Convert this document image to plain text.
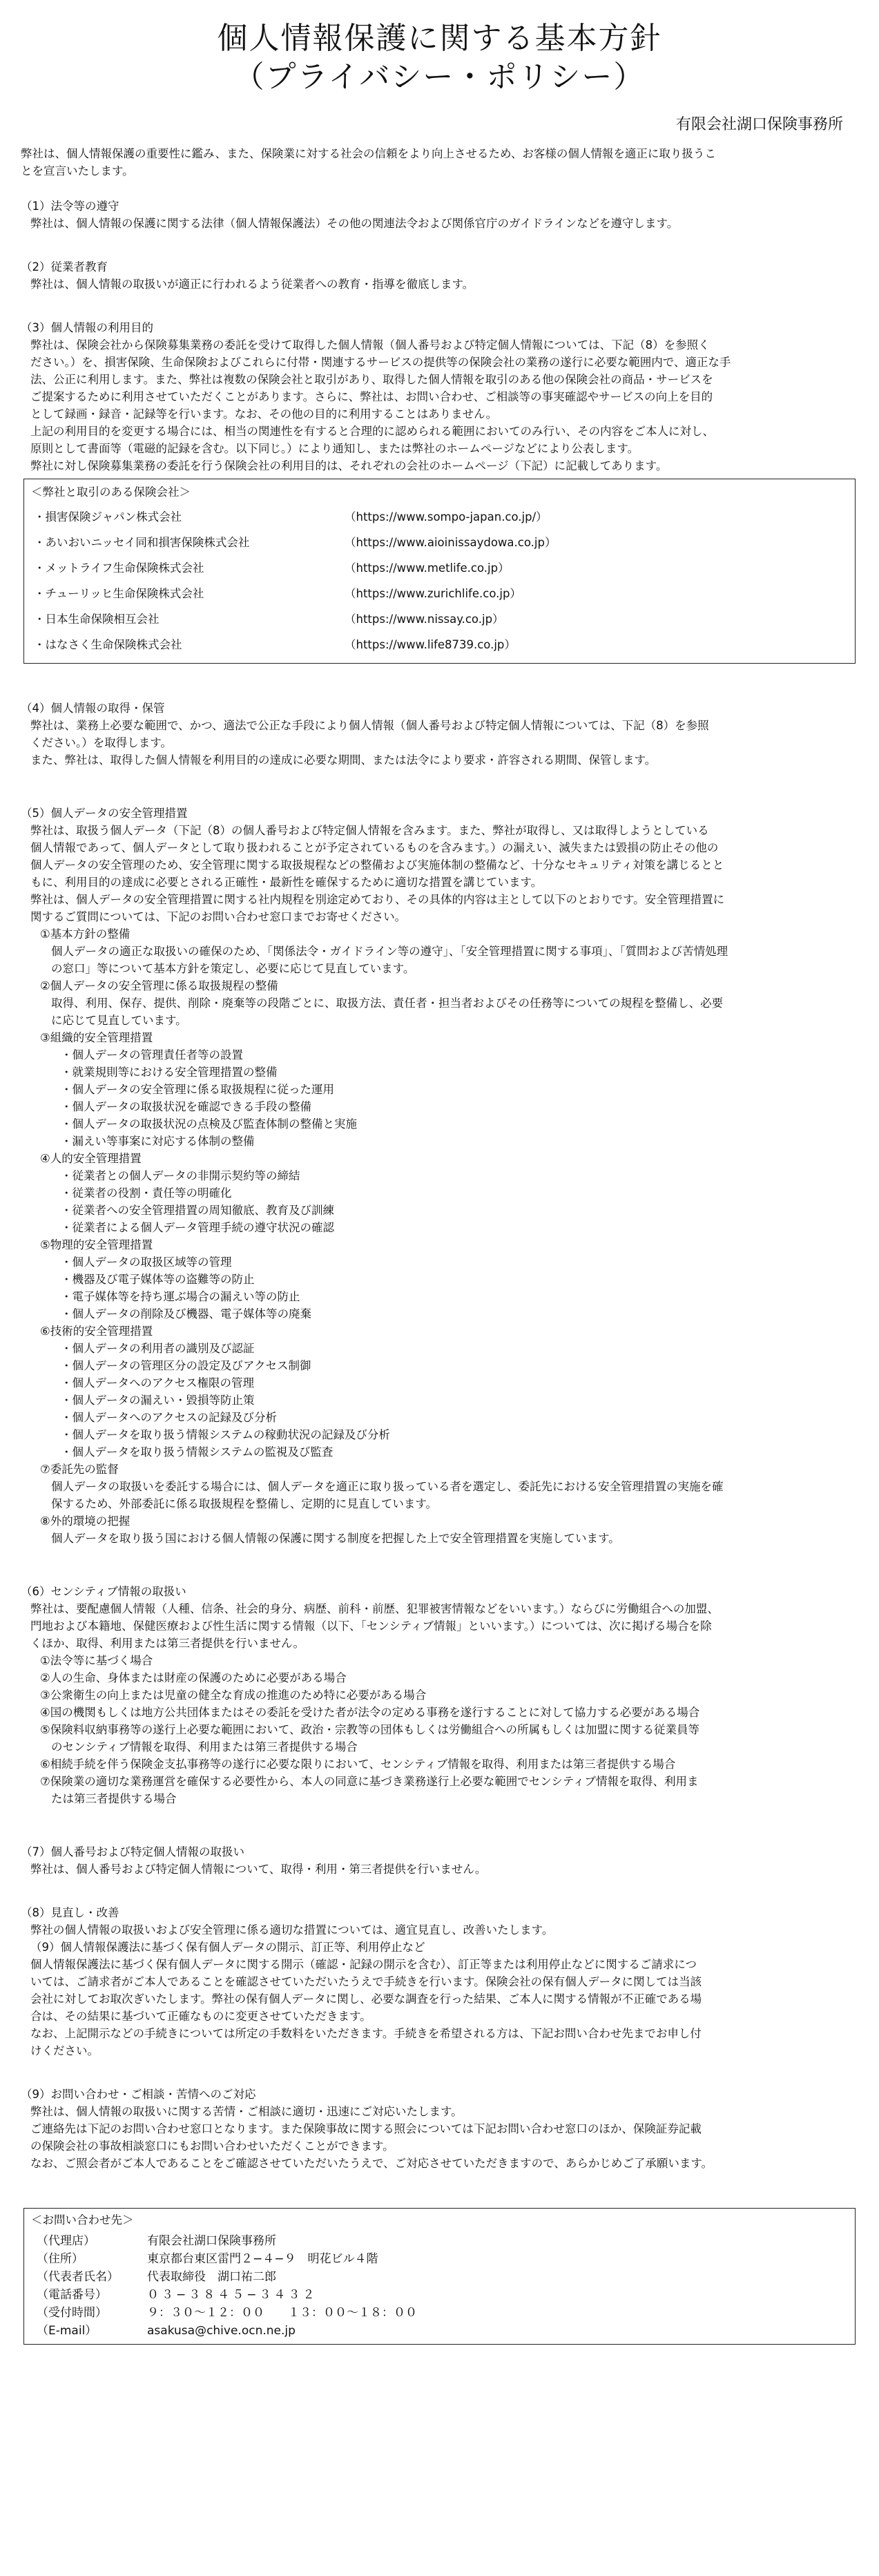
個人情報保護に関する基本方針
（プライバシー・ポリシー）
有限会社湖口保険事務所

弊社は、個人情報保護の重要性に鑑み、また、保険業に対する社会の信頼をより向上させるため、お客様の個人情報を適正に取り扱うこ

とを宣言いたします。

（1）法令等の遵守

弊社は、個人情報の保護に関する法律（個人情報保護法）その他の関連法令および関係官庁のガイドラインなどを遵守します。

（2）従業者教育

弊社は、個人情報の取扱いが適正に行われるよう従業者への教育・指導を徹底します。

（3）個人情報の利用目的

弊社は、保険会社から保険募集業務の委託を受けて取得した個人情報（個人番号および特定個人情報については、下記（8）を参照く

ださい。）を、損害保険、生命保険およびこれらに付帯・関連するサービスの提供等の保険会社の業務の遂行に必要な範囲内で、適正な手

法、公正に利用します。また、弊社は複数の保険会社と取引があり、取得した個人情報を取引のある他の保険会社の商品・サービスを

ご提案するために利用させていただくことがあります。さらに、弊社は、お問い合わせ、ご相談等の事実確認やサービスの向上を目的

として録画・録音・記録等を行います。なお、その他の目的に利用することはありません。

上記の利用目的を変更する場合には、相当の関連性を有すると合理的に認められる範囲においてのみ行い、その内容をご本人に対し、

原則として書面等（電磁的記録を含む。以下同じ。）により通知し、または弊社のホームページなどにより公表します。

弊社に対し保険募集業務の委託を行う保険会社の利用目的は、それぞれの会社のホームページ（下記）に記載してあります。

＜弊社と取引のある保険会社＞

・損害保険ジャパン株式会社	（https://www.sompo-japan.co.jp/）
・あいおいニッセイ同和損害保険株式会社	（https://www.aioinissaydowa.co.jp）
・メットライフ生命保険株式会社	（https://www.metlife.co.jp）
・チューリッヒ生命保険株式会社	（https://www.zurichlife.co.jp）
・日本生命保険相互会社	（https://www.nissay.co.jp）
・はなさく生命保険株式会社	（https://www.life8739.co.jp）

（4）個人情報の取得・保管

弊社は、業務上必要な範囲で、かつ、適法で公正な手段により個人情報（個人番号および特定個人情報については、下記（8）を参照

ください。）を取得します。

また、弊社は、取得した個人情報を利用目的の達成に必要な期間、または法令により要求・許容される期間、保管します。

（5）個人データの安全管理措置

弊社は、取扱う個人データ（下記（8）の個人番号および特定個人情報を含みます。また、弊社が取得し、又は取得しようとしている

個人情報であって、個人データとして取り扱われることが予定されているものを含みます。）の漏えい、滅失または毀損の防止その他の

個人データの安全管理のため、安全管理に関する取扱規程などの整備および実施体制の整備など、十分なセキュリティ対策を講じるとと

もに、利用目的の達成に必要とされる正確性・最新性を確保するために適切な措置を講じています。

弊社は、個人データの安全管理措置に関する社内規程を別途定めており、その具体的内容は主として以下のとおりです。安全管理措置に

関するご質問については、下記のお問い合わせ窓口までお寄せください。

①基本方針の整備

個人データの適正な取扱いの確保のため、「関係法令・ガイドライン等の遵守」、「安全管理措置に関する事項」、「質問および苦情処理

の窓口」等について基本方針を策定し、必要に応じて見直しています。

②個人データの安全管理に係る取扱規程の整備

取得、利用、保存、提供、削除・廃棄等の段階ごとに、取扱方法、責任者・担当者およびその任務等についての規程を整備し、必要

に応じて見直しています。

③組織的安全管理措置

・個人データの管理責任者等の設置

・就業規則等における安全管理措置の整備

・個人データの安全管理に係る取扱規程に従った運用

・個人データの取扱状況を確認できる手段の整備

・個人データの取扱状況の点検及び監査体制の整備と実施

・漏えい等事案に対応する体制の整備

④人的安全管理措置

・従業者との個人データの非開示契約等の締結

・従業者の役割・責任等の明確化

・従業者への安全管理措置の周知徹底、教育及び訓練

・従業者による個人データ管理手続の遵守状況の確認

⑤物理的安全管理措置

・個人データの取扱区域等の管理

・機器及び電子媒体等の盗難等の防止

・電子媒体等を持ち運ぶ場合の漏えい等の防止

・個人データの削除及び機器、電子媒体等の廃棄

⑥技術的安全管理措置

・個人データの利用者の識別及び認証

・個人データの管理区分の設定及びアクセス制御

・個人データへのアクセス権限の管理

・個人データの漏えい・毀損等防止策

・個人データへのアクセスの記録及び分析

・個人データを取り扱う情報システムの稼動状況の記録及び分析

・個人データを取り扱う情報システムの監視及び監査

⑦委託先の監督

個人データの取扱いを委託する場合には、個人データを適正に取り扱っている者を選定し、委託先における安全管理措置の実施を確

保するため、外部委託に係る取扱規程を整備し、定期的に見直しています。

⑧外的環境の把握

個人データを取り扱う国における個人情報の保護に関する制度を把握した上で安全管理措置を実施しています。

（6）センシティブ情報の取扱い

弊社は、要配慮個人情報（人種、信条、社会的身分、病歴、前科・前歴、犯罪被害情報などをいいます。）ならびに労働組合への加盟、

門地および本籍地、保健医療および性生活に関する情報（以下、「センシティブ情報」といいます。）については、次に掲げる場合を除

くほか、取得、利用または第三者提供を行いません。

①法令等に基づく場合

②人の生命、身体または財産の保護のために必要がある場合

③公衆衛生の向上または児童の健全な育成の推進のため特に必要がある場合

④国の機関もしくは地方公共団体またはその委託を受けた者が法令の定める事務を遂行することに対して協力する必要がある場合

⑤保険料収納事務等の遂行上必要な範囲において、政治・宗教等の団体もしくは労働組合への所属もしくは加盟に関する従業員等

のセンシティブ情報を取得、利用または第三者提供する場合

⑥相続手続を伴う保険金支払事務等の遂行に必要な限りにおいて、センシティブ情報を取得、利用または第三者提供する場合

⑦保険業の適切な業務運営を確保する必要性から、本人の同意に基づき業務遂行上必要な範囲でセンシティブ情報を取得、利用ま

たは第三者提供する場合

（7）個人番号および特定個人情報の取扱い

弊社は、個人番号および特定個人情報について、取得・利用・第三者提供を行いません。

（8）見直し・改善

弊社の個人情報の取扱いおよび安全管理に係る適切な措置については、適宜見直し、改善いたします。

（9）個人情報保護法に基づく保有個人データの開示、訂正等、利用停止など

個人情報保護法に基づく保有個人データに関する開示（確認・記録の開示を含む）、訂正等または利用停止などに関するご請求につ

いては、ご請求者がご本人であることを確認させていただいたうえで手続きを行います。保険会社の保有個人データに関しては当該

会社に対してお取次ぎいたします。弊社の保有個人データに関し、必要な調査を行った結果、ご本人に関する情報が不正確である場

合は、その結果に基づいて正確なものに変更させていただきます。

なお、上記開示などの手続きについては所定の手数料をいただきます。手続きを希望される方は、下記お問い合わせ先までお申し付

けください。

（9）お問い合わせ・ご相談・苦情へのご対応

弊社は、個人情報の取扱いに関する苦情・ご相談に適切・迅速にご対応いたします。

ご連絡先は下記のお問い合わせ窓口となります。また保険事故に関する照会については下記お問い合わせ窓口のほか、保険証券記載

の保険会社の事故相談窓口にもお問い合わせいただくことができます。

なお、ご照会者がご本人であることをご確認させていただいたうえで、ご対応させていただきますので、あらかじめご了承願います。

＜お問い合わせ先＞

（代理店）	有限会社湖口保険事務所
（住所）	東京都台東区雷門２−４−９　明花ビル４階
（代表者氏名）	代表取締役　湖口祐二郎
（電話番号）	０３−３８４５−３４３２
（受付時間）	９：３０〜１２：００　　１３：００〜１８：００
（E-mail）	asakusa@chive.ocn.ne.jp
